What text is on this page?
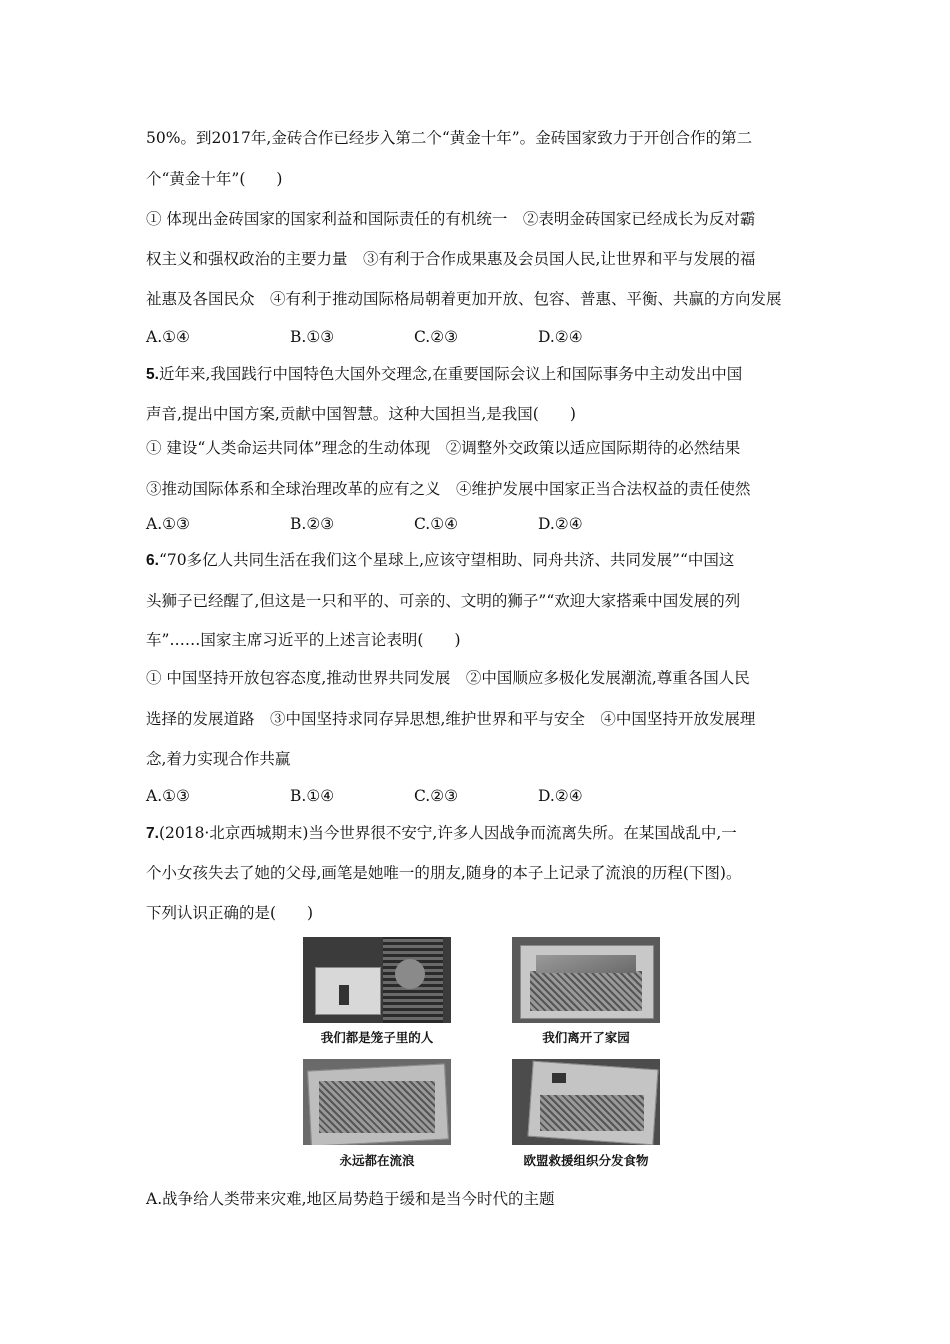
50%。到2017年,金砖合作已经步入第二个“黄金十年”。金砖国家致力于开创合作的第二
个“黄金十年”(　　)
① 体现出金砖国家的国家利益和国际责任的有机统一　②表明金砖国家已经成长为反对霸
权主义和强权政治的主要力量　③有利于合作成果惠及会员国人民,让世界和平与发展的福
祉惠及各国民众　④有利于推动国际格局朝着更加开放、包容、普惠、平衡、共赢的方向发展
A.①④	B.①③	C.②③	D.②④
5.近年来,我国践行中国特色大国外交理念,在重要国际会议上和国际事务中主动发出中国
声音,提出中国方案,贡献中国智慧。这种大国担当,是我国(　　)
① 建设“人类命运共同体”理念的生动体现　②调整外交政策以适应国际期待的必然结果
③推动国际体系和全球治理改革的应有之义　④维护发展中国家正当合法权益的责任使然
A.①③	B.②③	C.①④	D.②④
6.“70多亿人共同生活在我们这个星球上,应该守望相助、同舟共济、共同发展”“中国这
头狮子已经醒了,但这是一只和平的、可亲的、文明的狮子”“欢迎大家搭乘中国发展的列
车”……国家主席习近平的上述言论表明(　　)
① 中国坚持开放包容态度,推动世界共同发展　②中国顺应多极化发展潮流,尊重各国人民
选择的发展道路　③中国坚持求同存异思想,维护世界和平与安全　④中国坚持开放发展理
念,着力实现合作共赢
A.①③	B.①④	C.②③	D.②④
7.(2018·北京西城期末)当今世界很不安宁,许多人因战争而流离失所。在某国战乱中,一
个小女孩失去了她的父母,画笔是她唯一的朋友,随身的本子上记录了流浪的历程(下图)。
下列认识正确的是(　　)
我们都是笼子里的人	我们离开了家园
永远都在流浪	欧盟救援组织分发食物
A.战争给人类带来灾难,地区局势趋于缓和是当今时代的主题
